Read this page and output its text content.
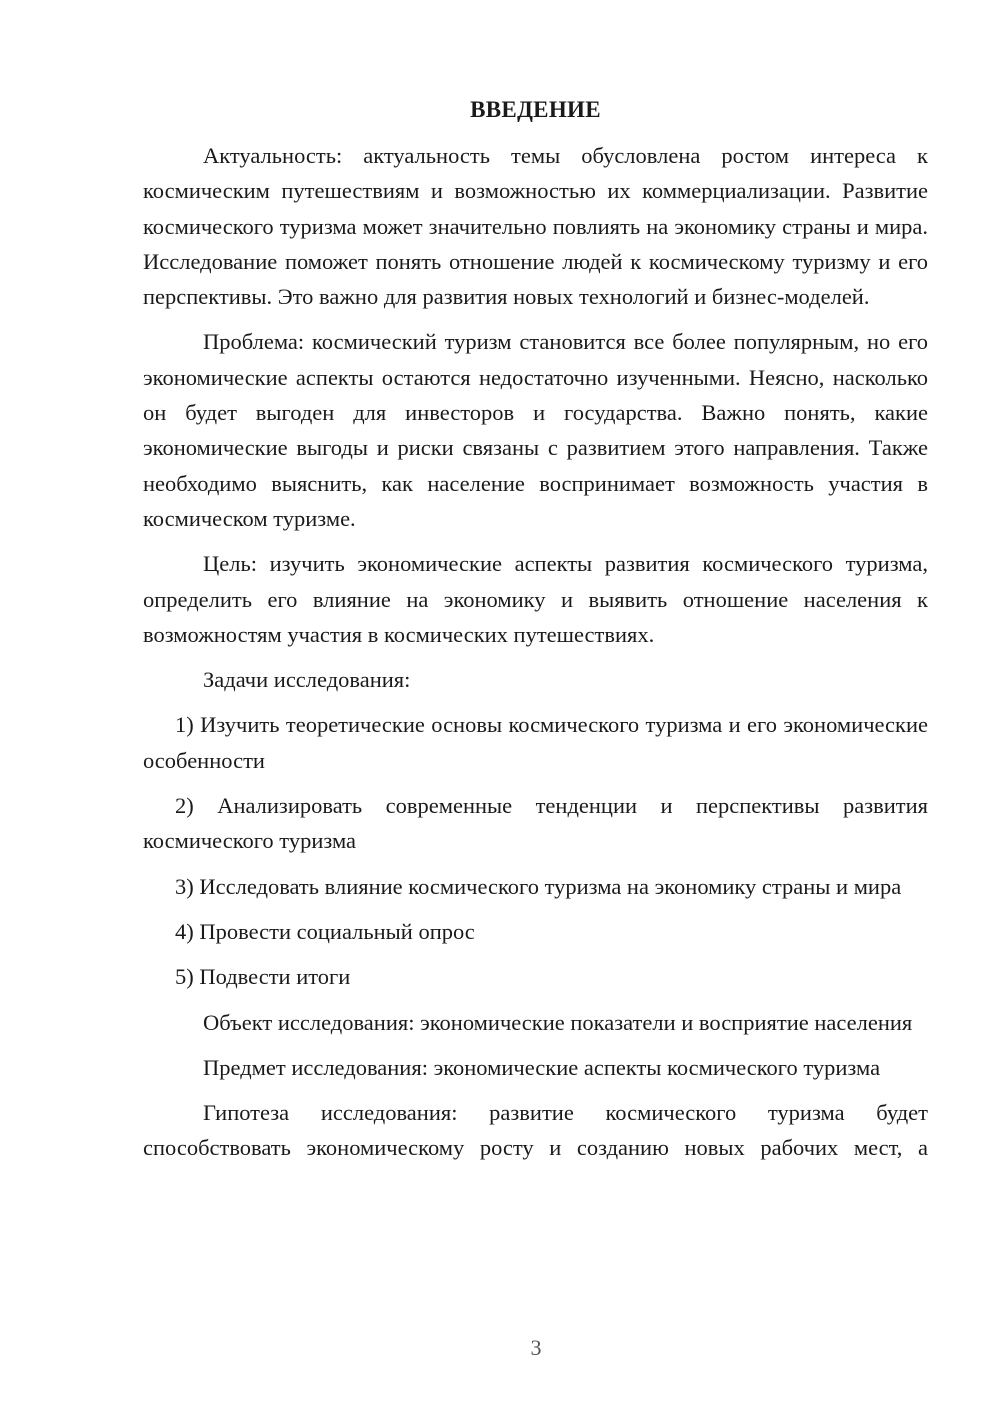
ВВЕДЕНИЕ

Актуальность: актуальность темы обусловлена ростом интереса к космическим путешествиям и возможностью их коммерциализации. Развитие космического туризма может значительно повлиять на экономику страны и мира. Исследование поможет понять отношение людей к космическому туризму и его перспективы. Это важно для развития новых технологий и бизнес-моделей.

Проблема: космический туризм становится все более популярным, но его экономические аспекты остаются недостаточно изученными. Неясно, насколько он будет выгоден для инвесторов и государства. Важно понять, какие экономические выгоды и риски связаны с развитием этого направления. Также необходимо выяснить, как население воспринимает возможность участия в космическом туризме.

Цель: изучить экономические аспекты развития космического туризма, определить его влияние на экономику и выявить отношение населения к возможностям участия в космических путешествиях.

Задачи исследования:

1) Изучить теоретические основы космического туризма и его экономические особенности

2) Анализировать современные тенденции и перспективы развития космического туризма

3) Исследовать влияние космического туризма на экономику страны и мира

4) Провести социальный опрос

5) Подвести итоги

Объект исследования: экономические показатели и восприятие населения

Предмет исследования: экономические аспекты космического туризма

Гипотеза исследования: развитие космического туризма будет способствовать экономическому росту и созданию новых рабочих мест, а

3
